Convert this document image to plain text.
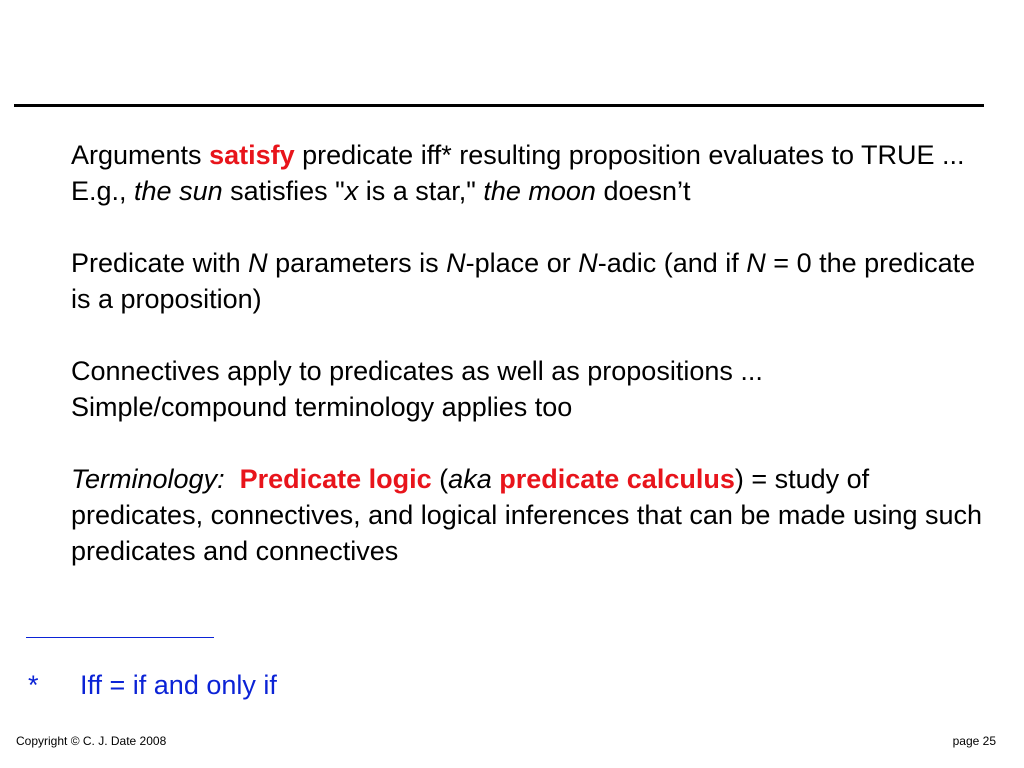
Arguments satisfy predicate iff* resulting proposition evaluates to TRUE ... E.g., the sun satisfies "x is a star," the moon doesn’t

Predicate with N parameters is N-place or N-adic (and if N = 0 the predicate is a proposition)

Connectives apply to predicates as well as propositions ...
Simple/compound terminology applies too

Terminology: Predicate logic (aka predicate calculus) = study of predicates, connectives, and logical inferences that can be made using such predicates and connectives

* Iff = if and only if
Copyright © C. J. Date 2008	page 25
